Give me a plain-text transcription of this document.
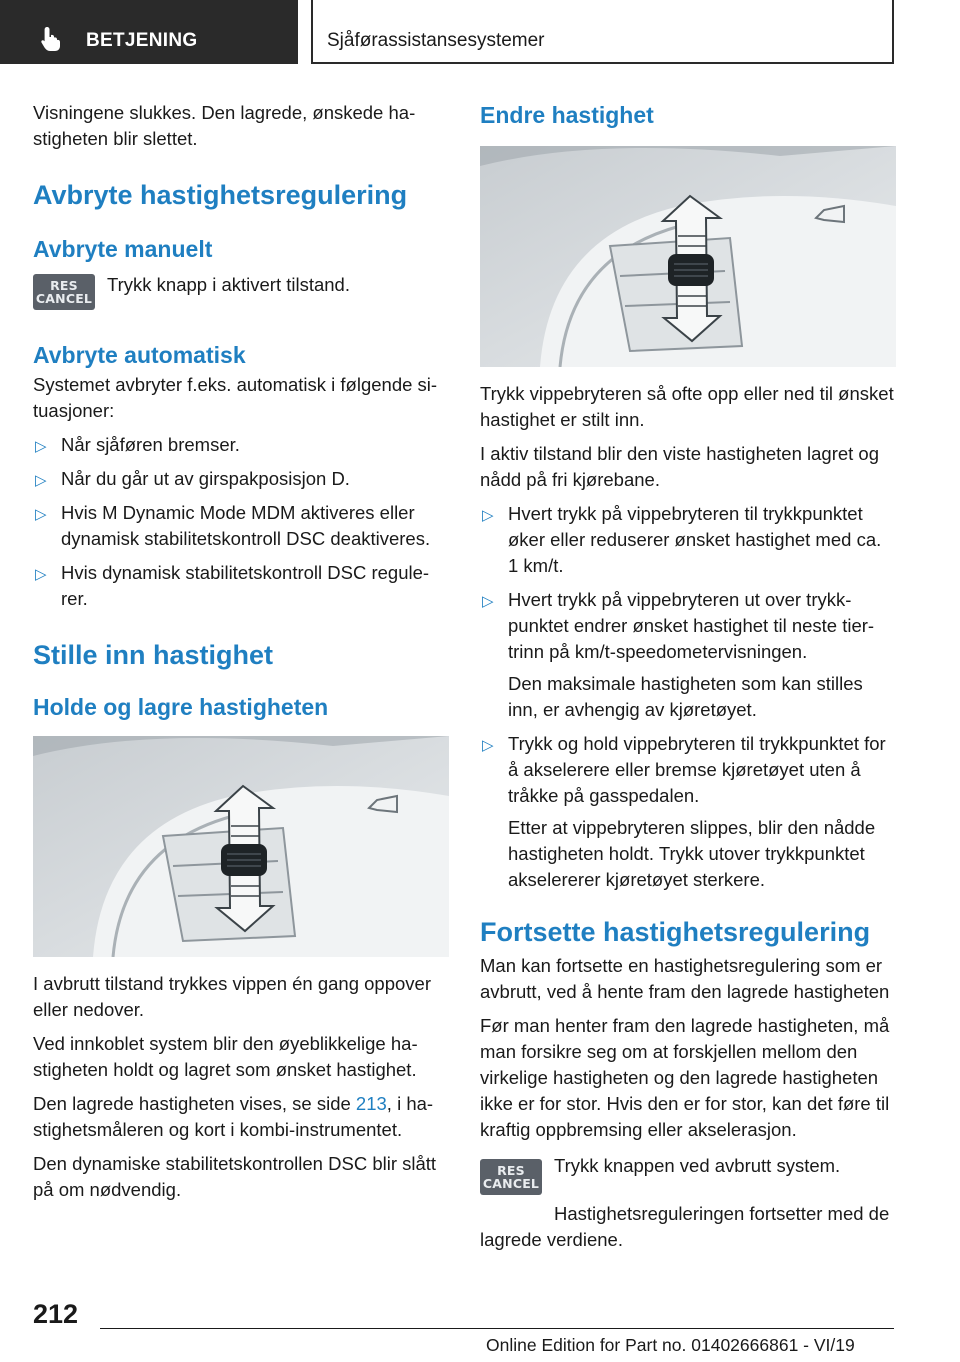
BETJENING	Sjåførassistansesystemer

Visningene slukkes. Den lagrede, ønskede hastigheten blir slettet.

Avbryte hastighetsregulering
Avbryte manuelt
RES
CANCEL

Trykk knapp i aktivert tilstand.

Avbryte automatisk

Systemet avbryter f.eks. automatisk i følgende situasjoner:

▷ Når sjåføren bremser.
▷ Når du går ut av girspakposisjon D.
▷ Hvis M Dynamic Mode MDM aktiveres eller dynamisk stabilitetskontroll DSC deaktiveres.
▷ Hvis dynamisk stabilitetskontroll DSC regulerer.
Stille inn hastighet
Holde og lagre hastigheten

I avbrutt tilstand trykkes vippen én gang oppover eller nedover.

Ved innkoblet system blir den øyeblikkelige hastigheten holdt og lagret som ønsket hastighet.

Den lagrede hastigheten vises, se side 213, i hastighetsmåleren og kort i kombi-instrumentet.

Den dynamiske stabilitetskontrollen DSC blir slått på om nødvendig.

Endre hastighet

Trykk vippebryteren så ofte opp eller ned til ønsket hastighet er stilt inn.

I aktiv tilstand blir den viste hastigheten lagret og nådd på fri kjørebane.

▷ Hvert trykk på vippebryteren til trykkpunktet øker eller reduserer ønsket hastighet med ca. 1 km/t.
▷ Hvert trykk på vippebryteren ut over trykkpunktet endrer ønsket hastighet til neste tiertrinn på km/t-speedometervisningen.

Den maksimale hastigheten som kan stilles inn, er avhengig av kjøretøyet.

▷ Trykk og hold vippebryteren til trykkpunktet for å akselerere eller bremse kjøretøyet uten å tråkke på gasspedalen.

Etter at vippebryteren slippes, blir den nådde hastigheten holdt. Trykk utover trykkpunktet akselererer kjøretøyet sterkere.

Fortsette hastighetsregulering

Man kan fortsette en hastighetsregulering som er avbrutt, ved å hente fram den lagrede hastigheten

Før man henter fram den lagrede hastigheten, må man forsikre seg om at forskjellen mellom den virkelige hastigheten og den lagrede hastigheten ikke er for stor. Hvis den er for stor, kan det føre til kraftig oppbremsing eller akselerasjon.

RES
CANCEL

Trykk knappen ved avbrutt system.

Hastighetsreguleringen fortsetter med de lagrede verdiene.

212
Online Edition for Part no. 01402666861 - VI/19
